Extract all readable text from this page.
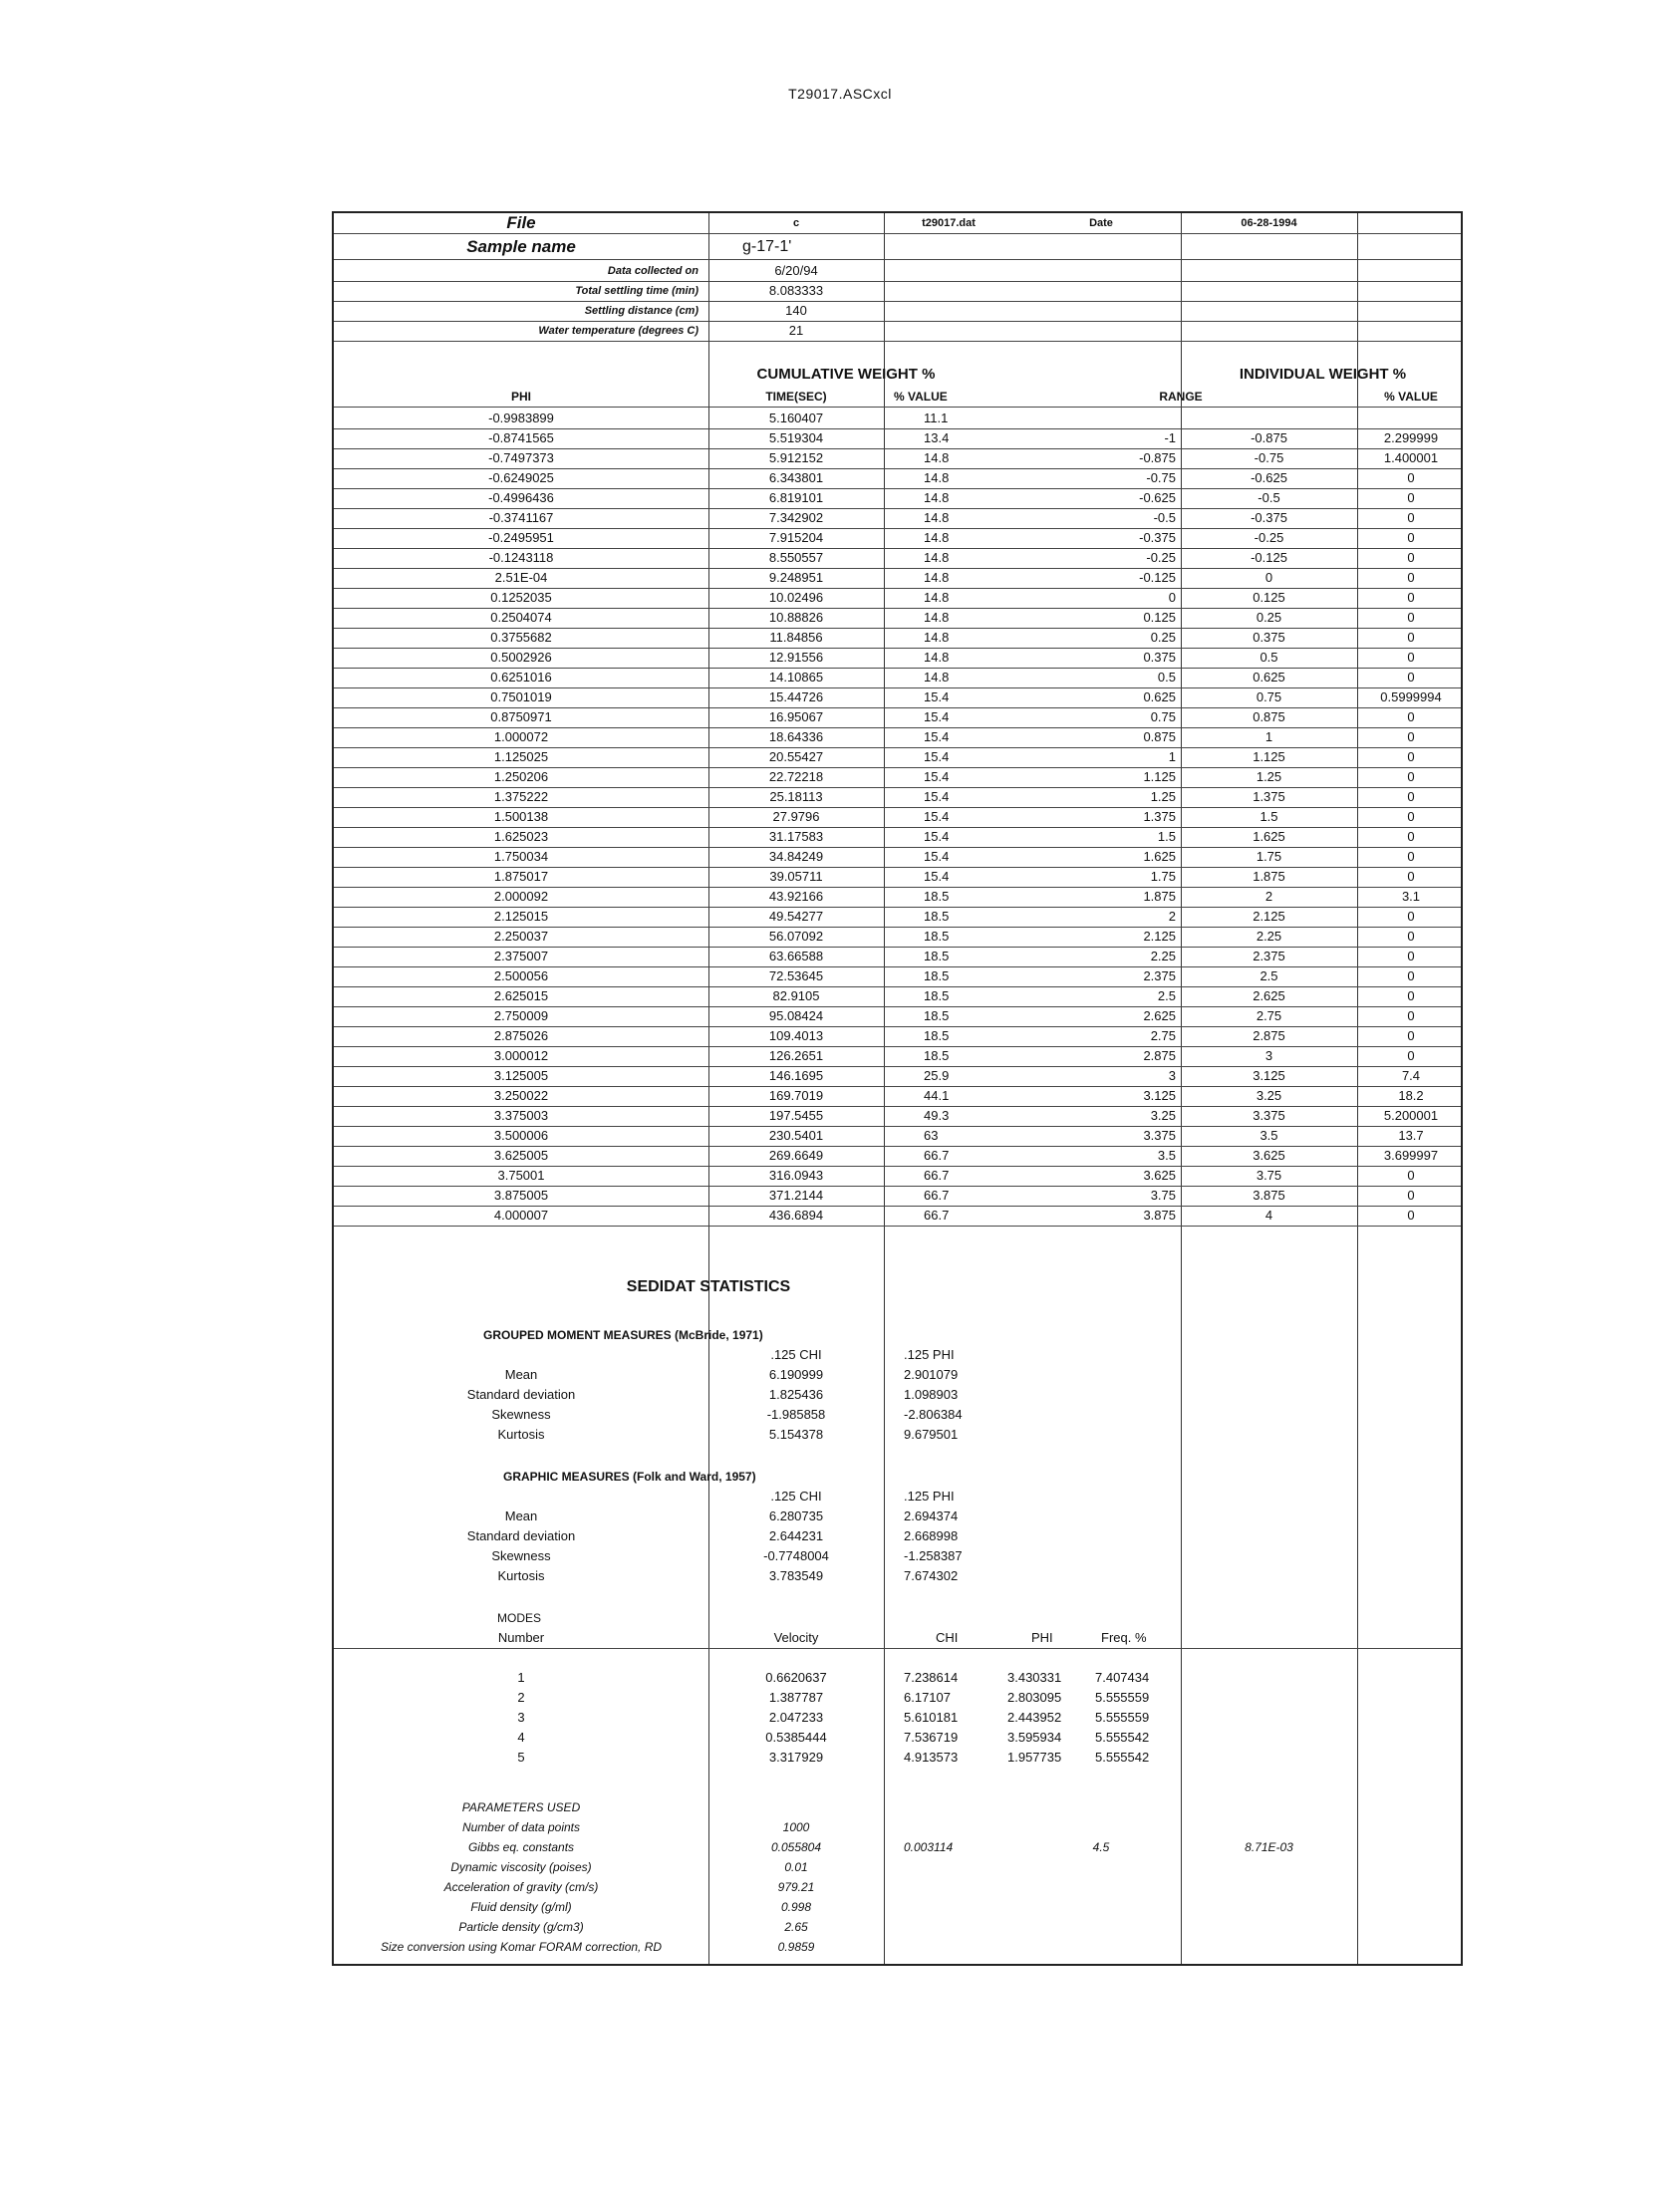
T29017.ASCxcl
File	c	t29017.dat	Date	06-28-1994
Sample name	g-17-1'
Data collected on	6/20/94
Total settling time (min)	8.083333
Settling distance (cm)	140
Water temperature (degrees C)	21
CUMULATIVE WEIGHT %	INDIVIDUAL WEIGHT %
PHI	TIME(SEC)	% VALUE	RANGE	% VALUE
-0.9983899	5.160407	11.1
-0.8741565	5.519304	13.4	-1	-0.875	2.299999
-0.7497373	5.912152	14.8	-0.875	-0.75	1.400001
-0.6249025	6.343801	14.8	-0.75	-0.625	0
-0.4996436	6.819101	14.8	-0.625	-0.5	0
-0.3741167	7.342902	14.8	-0.5	-0.375	0
-0.2495951	7.915204	14.8	-0.375	-0.25	0
-0.1243118	8.550557	14.8	-0.25	-0.125	0
2.51E-04	9.248951	14.8	-0.125	0	0
0.1252035	10.02496	14.8	0	0.125	0
0.2504074	10.88826	14.8	0.125	0.25	0
0.3755682	11.84856	14.8	0.25	0.375	0
0.5002926	12.91556	14.8	0.375	0.5	0
0.6251016	14.10865	14.8	0.5	0.625	0
0.7501019	15.44726	15.4	0.625	0.75	0.5999994
0.8750971	16.95067	15.4	0.75	0.875	0
1.000072	18.64336	15.4	0.875	1	0
1.125025	20.55427	15.4	1	1.125	0
1.250206	22.72218	15.4	1.125	1.25	0
1.375222	25.18113	15.4	1.25	1.375	0
1.500138	27.9796	15.4	1.375	1.5	0
1.625023	31.17583	15.4	1.5	1.625	0
1.750034	34.84249	15.4	1.625	1.75	0
1.875017	39.05711	15.4	1.75	1.875	0
2.000092	43.92166	18.5	1.875	2	3.1
2.125015	49.54277	18.5	2	2.125	0
2.250037	56.07092	18.5	2.125	2.25	0
2.375007	63.66588	18.5	2.25	2.375	0
2.500056	72.53645	18.5	2.375	2.5	0
2.625015	82.9105	18.5	2.5	2.625	0
2.750009	95.08424	18.5	2.625	2.75	0
2.875026	109.4013	18.5	2.75	2.875	0
3.000012	126.2651	18.5	2.875	3	0
3.125005	146.1695	25.9	3	3.125	7.4
3.250022	169.7019	44.1	3.125	3.25	18.2
3.375003	197.5455	49.3	3.25	3.375	5.200001
3.500006	230.5401	63	3.375	3.5	13.7
3.625005	269.6649	66.7	3.5	3.625	3.699997
3.75001	316.0943	66.7	3.625	3.75	0
3.875005	371.2144	66.7	3.75	3.875	0
4.000007	436.6894	66.7	3.875	4	0
SEDIDAT STATISTICS
GROUPED MOMENT MEASURES (McBride, 1971)
.125 CHI	.125 PHI
Mean	6.190999	2.901079
Standard deviation	1.825436	1.098903
Skewness	-1.985858	-2.806384
Kurtosis	5.154378	9.679501
GRAPHIC MEASURES (Folk and Ward, 1957)
.125 CHI	.125 PHI
Mean	6.280735	2.694374
Standard deviation	2.644231	2.668998
Skewness	-0.7748004	-1.258387
Kurtosis	3.783549	7.674302
MODES
Number	Velocity	CHI	PHI	Freq. %
1	0.6620637	7.238614	3.430331	7.407434
2	1.387787	6.17107	2.803095	5.555559
3	2.047233	5.610181	2.443952	5.555559
4	0.5385444	7.536719	3.595934	5.555542
5	3.317929	4.913573	1.957735	5.555542
PARAMETERS USED
Number of data points	1000
Gibbs eq. constants	0.055804	0.003114	4.5	8.71E-03
Dynamic viscosity (poises)	0.01
Acceleration of gravity (cm/s)	979.21
Fluid density (g/ml)	0.998
Particle density (g/cm3)	2.65
Size conversion using Komar FORAM correction, RD	0.9859
